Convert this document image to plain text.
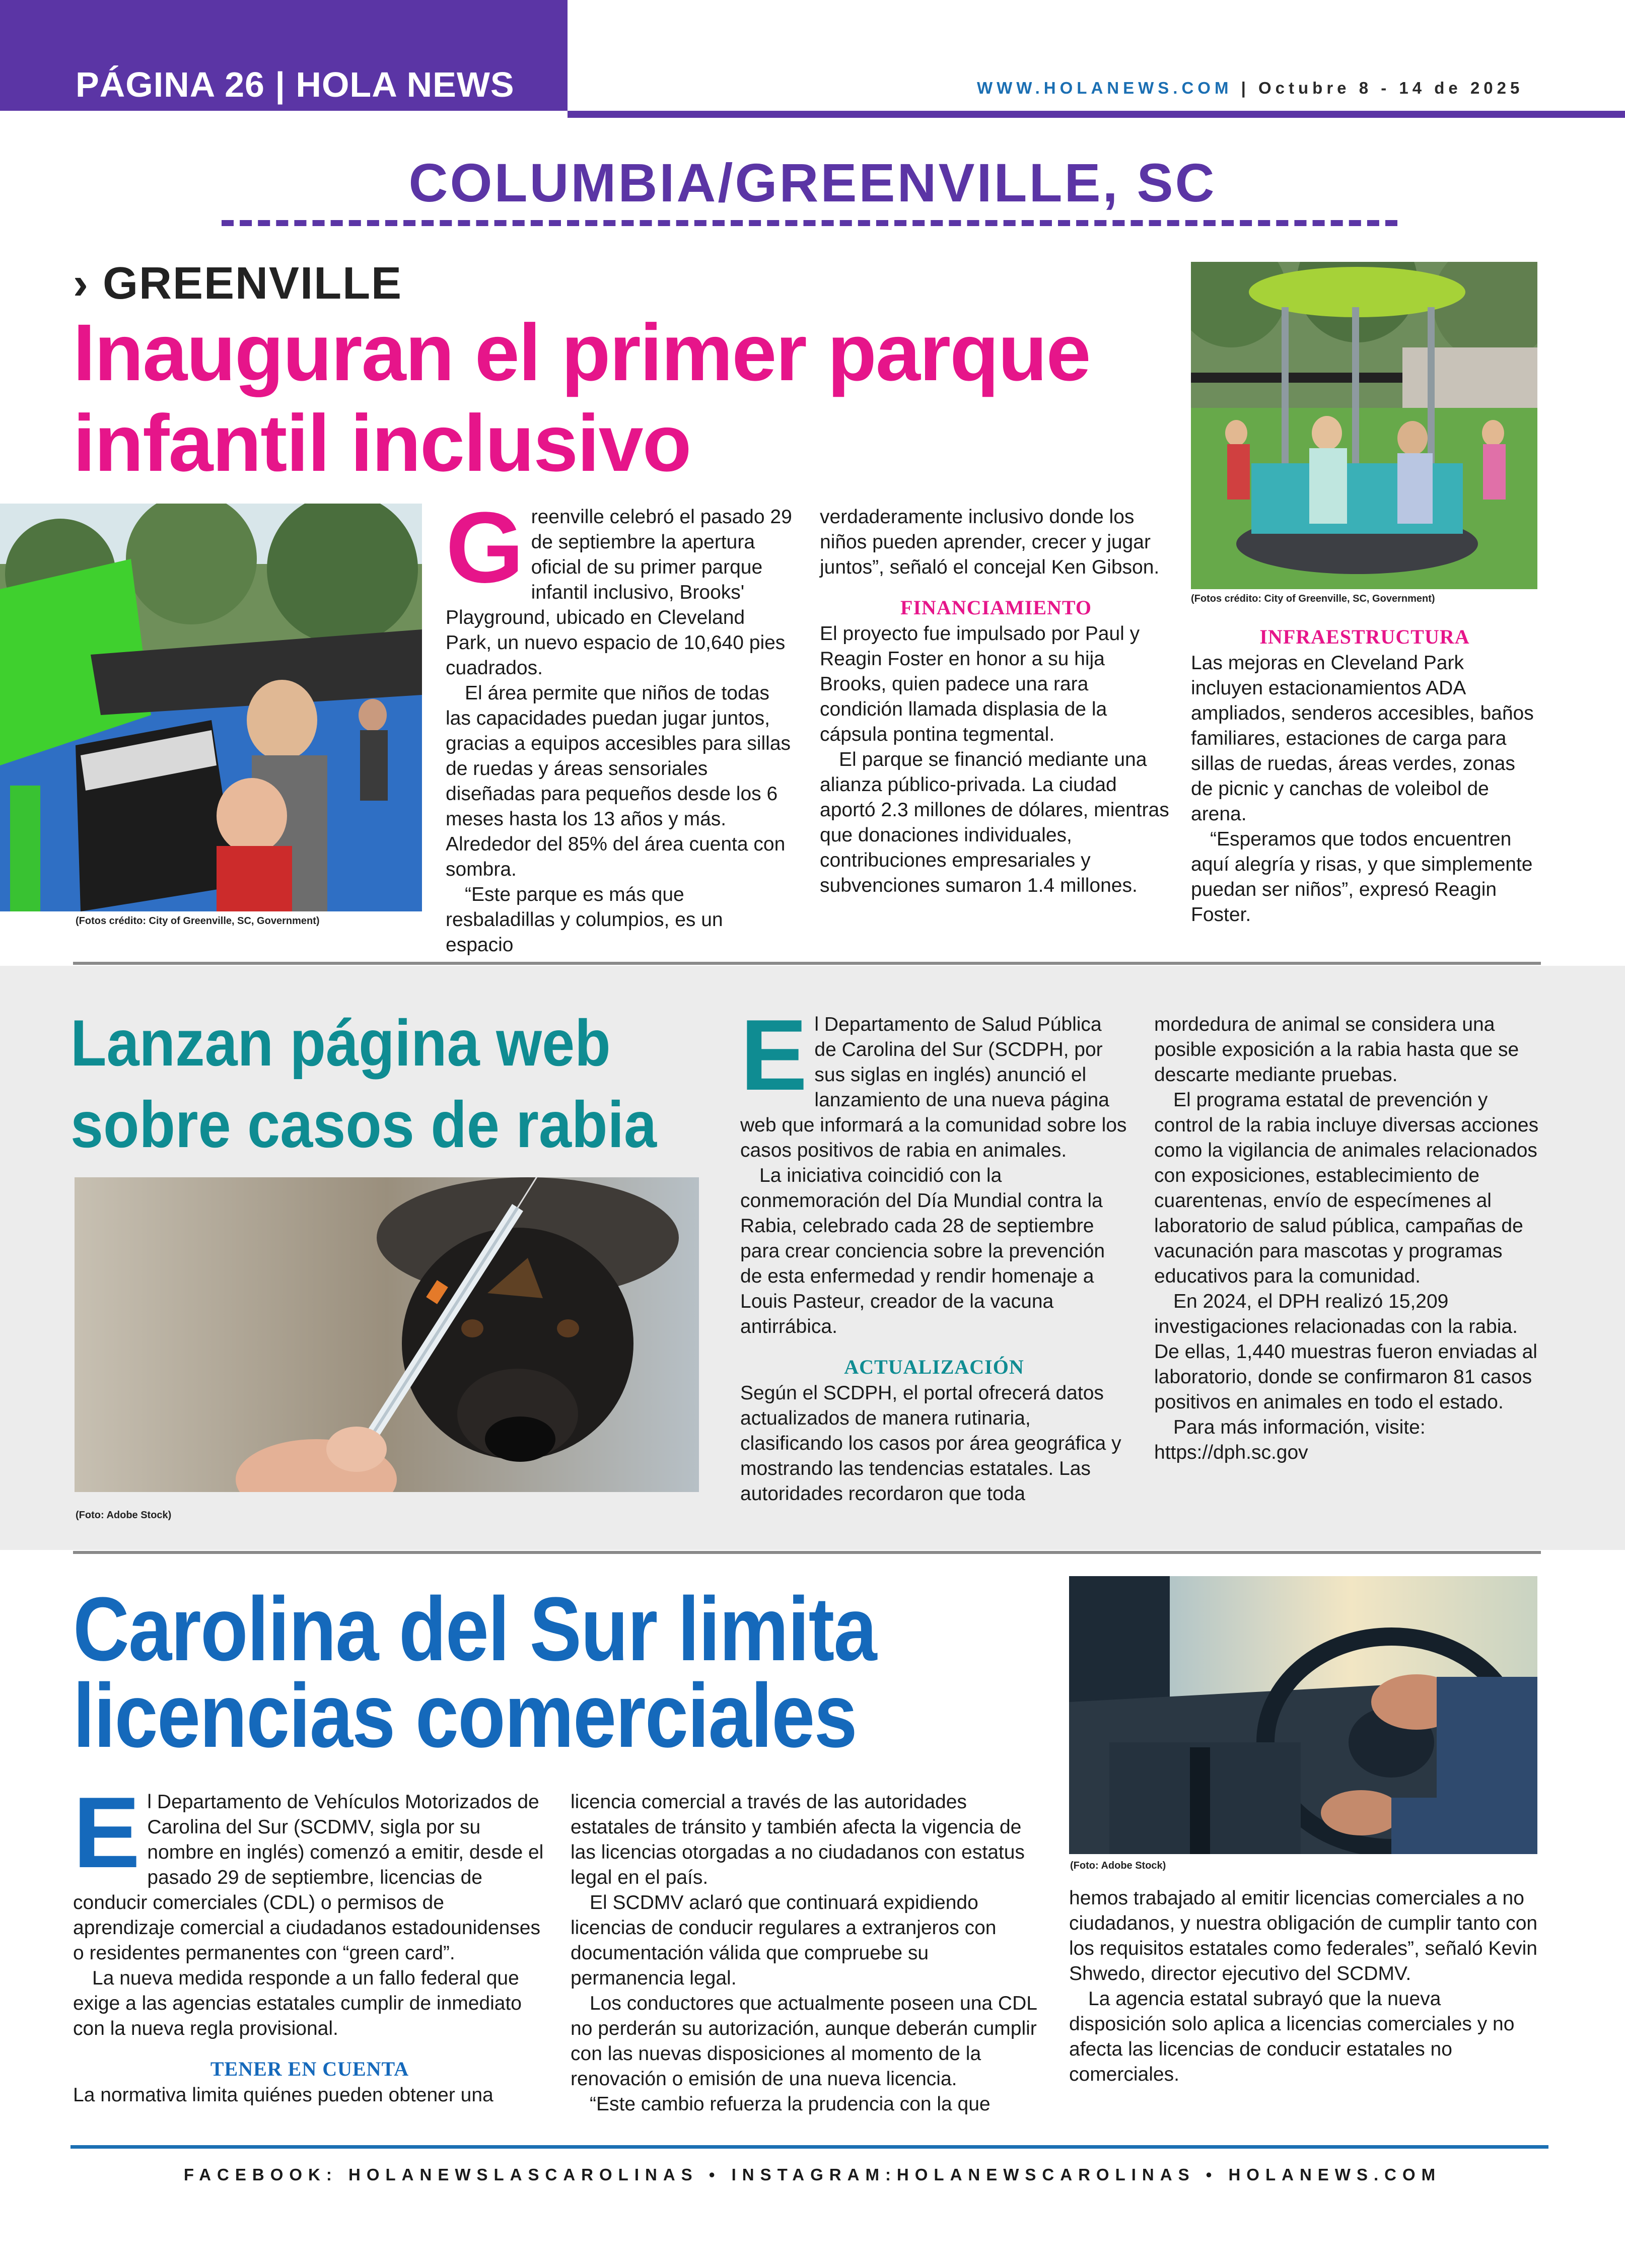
PÁGINA 26 | HOLA NEWS	WWW.HOLANEWS.COM | Octubre 8 - 14 de 2025
COLUMBIA/GREENVILLE, SC
› GREENVILLE
Inauguran el primer parque infantil inclusivo
(Fotos crédito: City of Greenville, SC, Government)
(Fotos crédito: City of Greenville, SC, Government)
G reenville celebró el pasado 29 de septiembre la apertura oficial de su primer parque infantil inclusivo, Brooks' Playground, ubicado en Cleveland Park, un nuevo espacio de 10,640 pies cuadrados.

El área permite que niños de todas las capacidades puedan jugar juntos, gracias a equipos accesibles para sillas de ruedas y áreas sensoriales diseñadas para pequeños desde los 6 meses hasta los 13 años y más. Alrededor del 85% del área cuenta con sombra.

“Este parque es más que resbaladillas y columpios, es un espacio

verdaderamente inclusivo donde los niños pueden aprender, crecer y jugar juntos”, señaló el concejal Ken Gibson.

FINANCIAMIENTO

El proyecto fue impulsado por Paul y Reagin Foster en honor a su hija Brooks, quien padece una rara condición llamada displasia de la cápsula pontina tegmental.

El parque se financió mediante una alianza público-privada. La ciudad aportó 2.3 millones de dólares, mientras que donaciones individuales, contribuciones empresariales y subvenciones sumaron 1.4 millones.

INFRAESTRUCTURA

Las mejoras en Cleveland Park incluyen estacionamientos ADA ampliados, senderos accesibles, baños familiares, estaciones de carga para sillas de ruedas, áreas verdes, zonas de picnic y canchas de voleibol de arena.

“Esperamos que todos encuentren aquí alegría y risas, y que simplemente puedan ser niños”, expresó Reagin Foster.

Lanzan página web sobre casos de rabia
(Foto: Adobe Stock)
E l Departamento de Salud Pública de Carolina del Sur (SCDPH, por sus siglas en inglés) anunció el lanzamiento de una nueva página web que informará a la comunidad sobre los casos positivos de rabia en animales.

La iniciativa coincidió con la conmemoración del Día Mundial contra la Rabia, celebrado cada 28 de septiembre para crear conciencia sobre la prevención de esta enfermedad y rendir homenaje a Louis Pasteur, creador de la vacuna antirrábica.

ACTUALIZACIÓN

Según el SCDPH, el portal ofrecerá datos actualizados de manera rutinaria, clasificando los casos por área geográfica y mostrando las tendencias estatales. Las autoridades recordaron que toda

mordedura de animal se considera una posible exposición a la rabia hasta que se descarte mediante pruebas.

El programa estatal de prevención y control de la rabia incluye diversas acciones como la vigilancia de animales relacionados con exposiciones, establecimiento de cuarentenas, envío de especímenes al laboratorio de salud pública, campañas de vacunación para mascotas y programas educativos para la comunidad.

En 2024, el DPH realizó 15,209 investigaciones relacionadas con la rabia. De ellas, 1,440 muestras fueron enviadas al laboratorio, donde se confirmaron 81 casos positivos en animales en todo el estado.

Para más información, visite: https://dph.sc.gov

Carolina del Sur limita licencias comerciales
(Foto: Adobe Stock)
E l Departamento de Vehículos Motorizados de Carolina del Sur (SCDMV, sigla por su nombre en inglés) comenzó a emitir, desde el pasado 29 de septiembre, licencias de conducir comerciales (CDL) o permisos de aprendizaje comercial a ciudadanos estadounidenses o residentes permanentes con “green card”.

La nueva medida responde a un fallo federal que exige a las agencias estatales cumplir de inmediato con la nueva regla provisional.

TENER EN CUENTA

La normativa limita quiénes pueden obtener una

licencia comercial a través de las autoridades estatales de tránsito y también afecta la vigencia de las licencias otorgadas a no ciudadanos con estatus legal en el país.

El SCDMV aclaró que continuará expidiendo licencias de conducir regulares a extranjeros con documentación válida que compruebe su permanencia legal.

Los conductores que actualmente poseen una CDL no perderán su autorización, aunque deberán cumplir con las nuevas disposiciones al momento de la renovación o emisión de una nueva licencia.

“Este cambio refuerza la prudencia con la que

hemos trabajado al emitir licencias comerciales a no ciudadanos, y nuestra obligación de cumplir tanto con los requisitos estatales como federales”, señaló Kevin Shwedo, director ejecutivo del SCDMV.

La agencia estatal subrayó que la nueva disposición solo aplica a licencias comerciales y no afecta las licencias de conducir estatales no comerciales.

FACEBOOK: HOLANEWSLASCAROLINAS • INSTAGRAM:HOLANEWSCAROLINAS • HOLANEWS.COM
